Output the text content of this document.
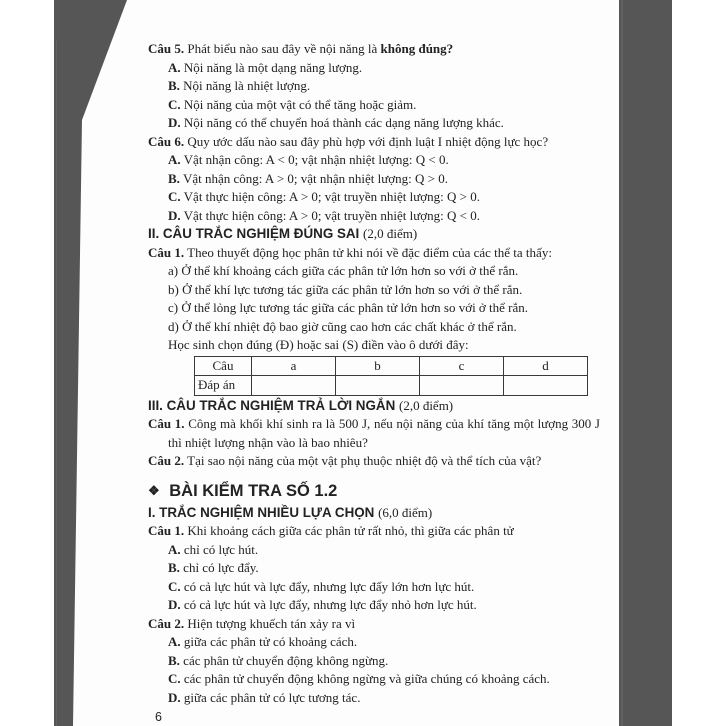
Câu 5. Phát biểu nào sau đây về nội năng là không đúng?
A. Nội năng là một dạng năng lượng.
B. Nội năng là nhiệt lượng.
C. Nội năng của một vật có thể tăng hoặc giảm.
D. Nội năng có thể chuyển hoá thành các dạng năng lượng khác.
Câu 6. Quy ước dấu nào sau đây phù hợp với định luật I nhiệt động lực học?
A. Vật nhận công: A < 0; vật nhận nhiệt lượng: Q < 0.
B. Vật nhận công: A > 0; vật nhận nhiệt lượng: Q > 0.
C. Vật thực hiện công: A > 0; vật truyền nhiệt lượng: Q > 0.
D. Vật thực hiện công: A > 0; vật truyền nhiệt lượng: Q < 0.
II. CÂU TRẮC NGHIỆM ĐÚNG SAI (2,0 điểm)
Câu 1. Theo thuyết động học phân tử khi nói về đặc điểm của các thể ta thấy:
a) Ở thể khí khoảng cách giữa các phân tử lớn hơn so với ở thể rắn.
b) Ở thể khí lực tương tác giữa các phân tử lớn hơn so với ở thể rắn.
c) Ở thể lỏng lực tương tác giữa các phân tử lớn hơn so với ở thể rắn.
d) Ở thể khí nhiệt độ bao giờ cũng cao hơn các chất khác ở thể rắn.
Học sinh chọn đúng (Đ) hoặc sai (S) điền vào ô dưới đây:
Câu	a	b	c	d
Đáp án				
III. CÂU TRẮC NGHIỆM TRẢ LỜI NGẮN (2,0 điểm)
Câu 1. Công mà khối khí sinh ra là 500 J, nếu nội năng của khí tăng một lượng 300 J thì nhiệt lượng nhận vào là bao nhiêu?
Câu 2. Tại sao nội năng của một vật phụ thuộc nhiệt độ và thể tích của vật?
❖ BÀI KIỂM TRA SỐ 1.2
I. TRẮC NGHIỆM NHIỀU LỰA CHỌN (6,0 điểm)
Câu 1. Khi khoảng cách giữa các phân tử rất nhỏ, thì giữa các phân tử
A. chỉ có lực hút.
B. chỉ có lực đẩy.
C. có cả lực hút và lực đẩy, nhưng lực đẩy lớn hơn lực hút.
D. có cả lực hút và lực đẩy, nhưng lực đẩy nhỏ hơn lực hút.
Câu 2. Hiện tượng khuếch tán xảy ra vì
A. giữa các phân tử có khoảng cách.
B. các phân tử chuyển động không ngừng.
C. các phân tử chuyển động không ngừng và giữa chúng có khoảng cách.
D. giữa các phân tử có lực tương tác.
6
